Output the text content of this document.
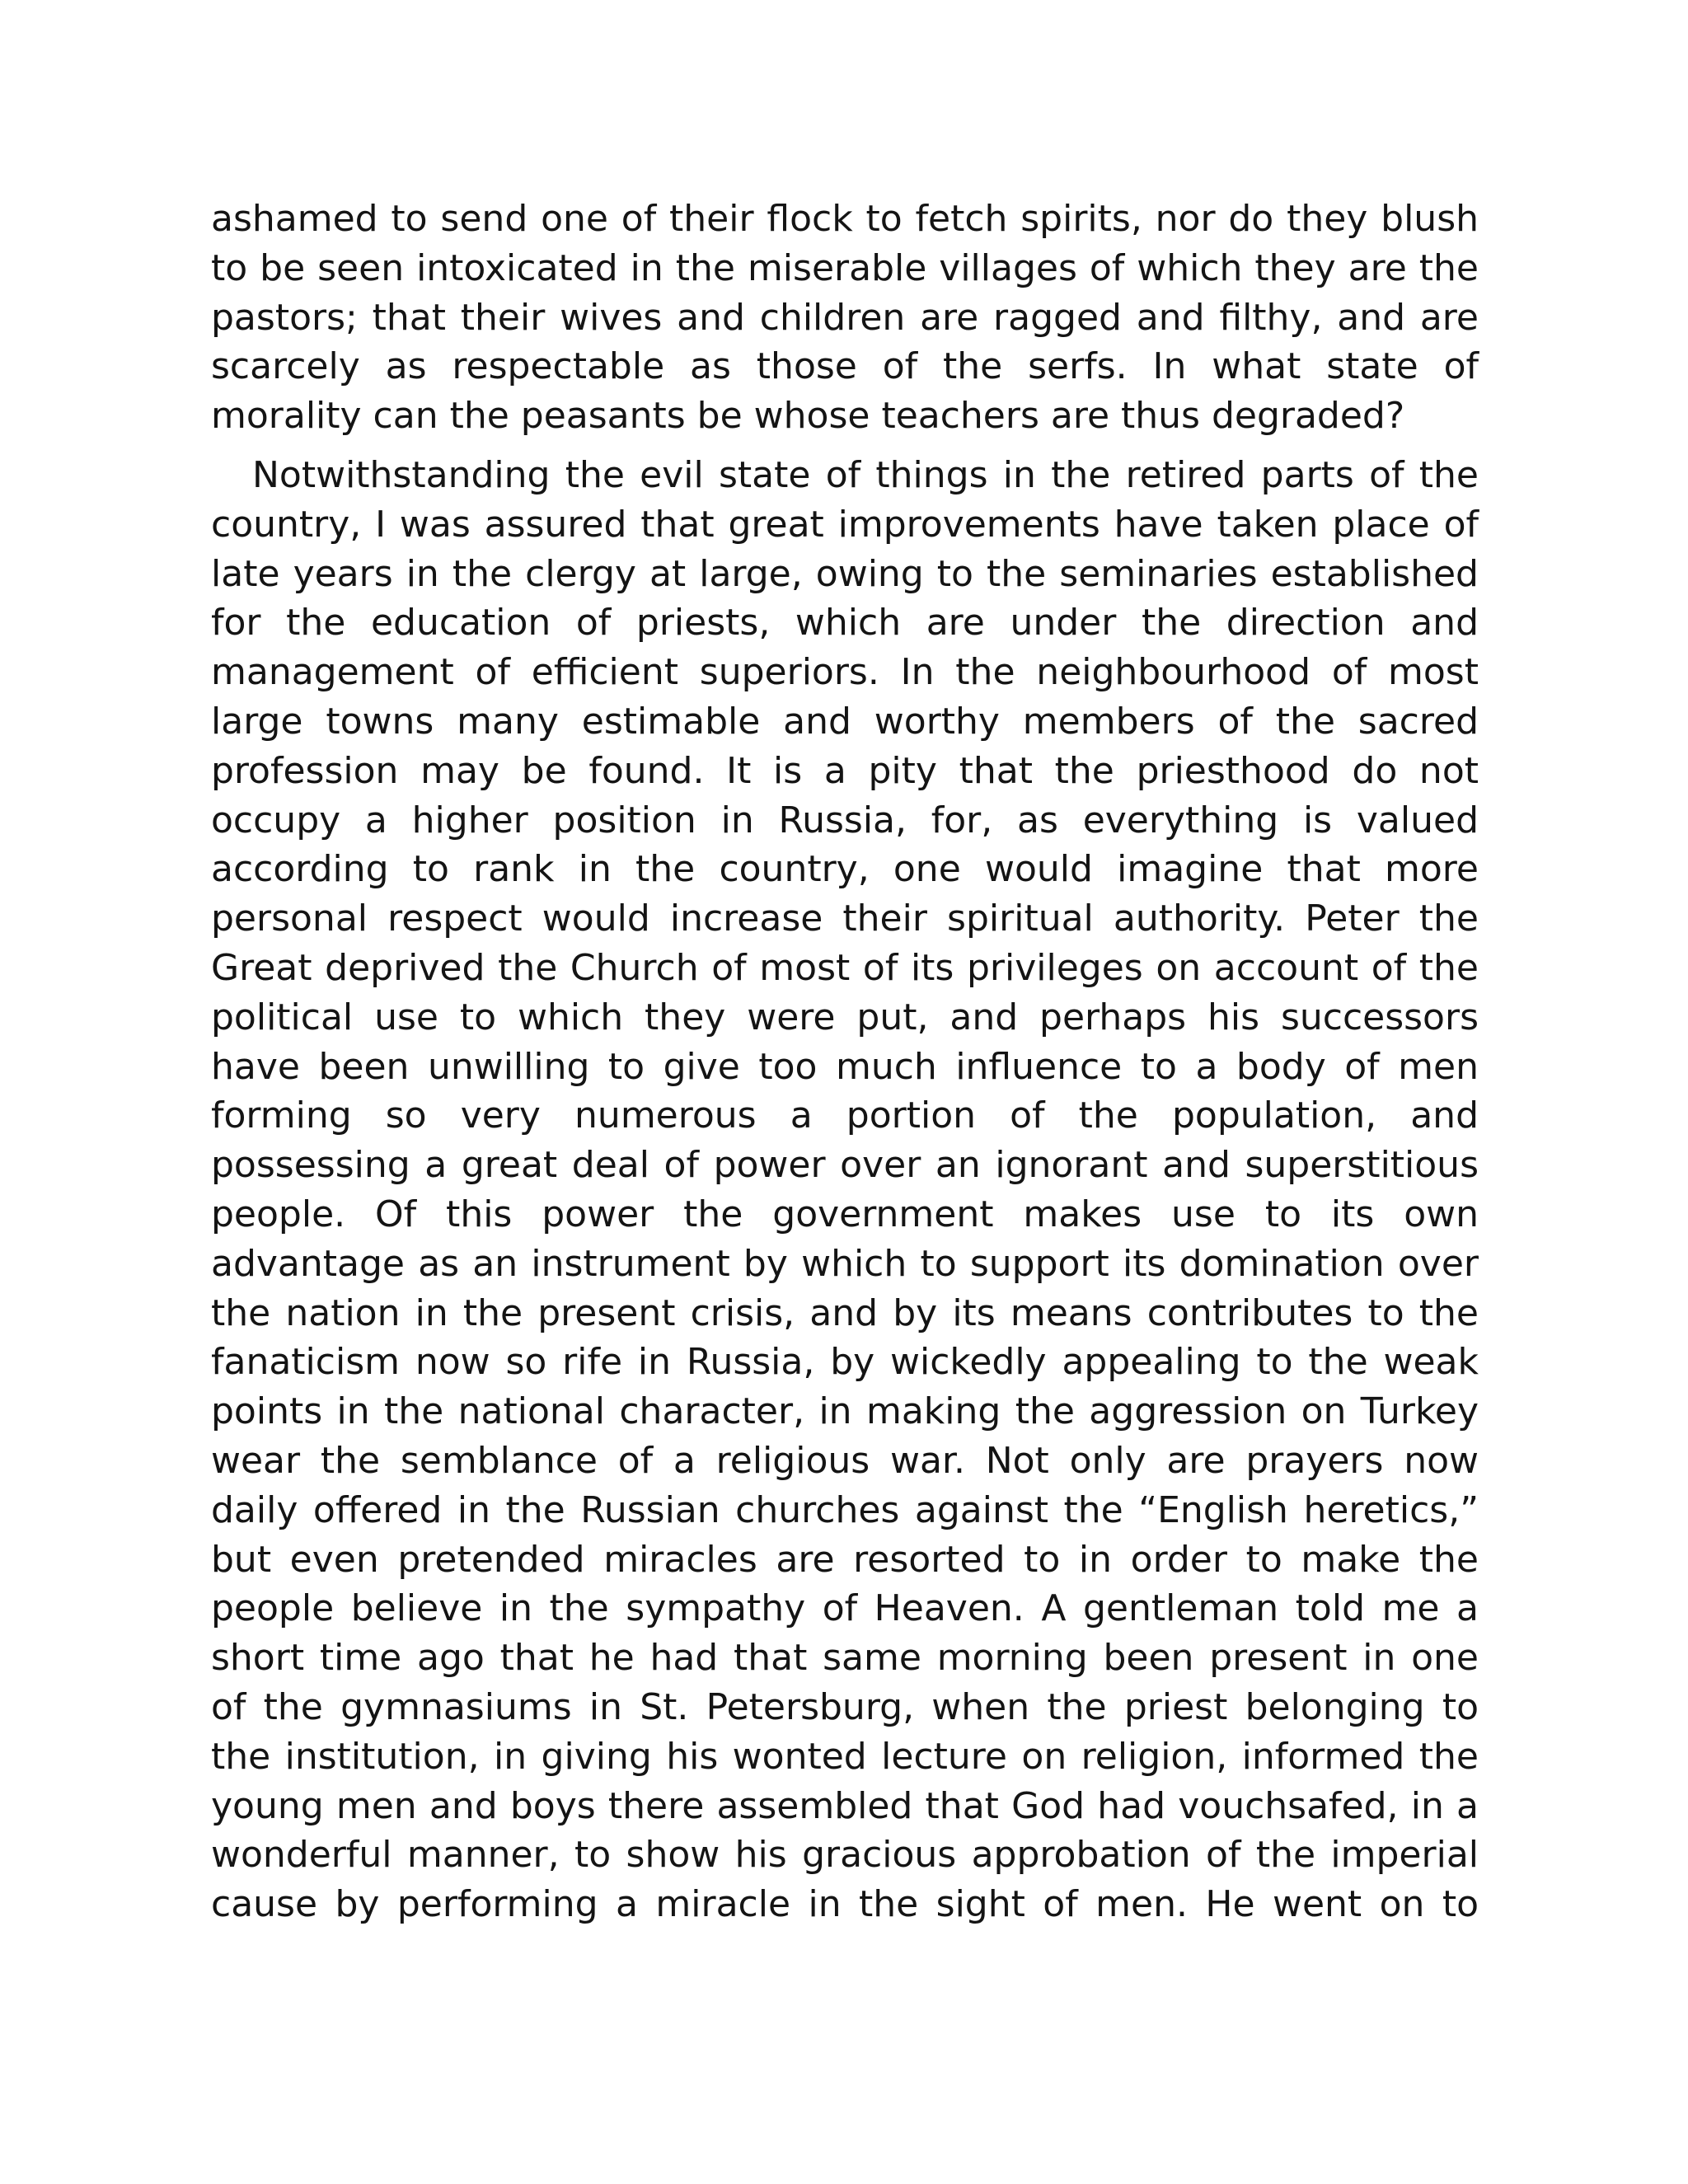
ashamed to send one of their flock to fetch spirits, nor do they blush
to be seen intoxicated in the miserable villages of which they are the
pastors; that their wives and children are ragged and filthy, and are
scarcely as respectable as those of the serfs. In what state of
morality can the peasants be whose teachers are thus degraded?
Notwithstanding the evil state of things in the retired parts of the
country, I was assured that great improvements have taken place of
late years in the clergy at large, owing to the seminaries established
for the education of priests, which are under the direction and
management of efficient superiors. In the neighbourhood of most
large towns many estimable and worthy members of the sacred
profession may be found. It is a pity that the priesthood do not
occupy a higher position in Russia, for, as everything is valued
according to rank in the country, one would imagine that more
personal respect would increase their spiritual authority. Peter the
Great deprived the Church of most of its privileges on account of the
political use to which they were put, and perhaps his successors
have been unwilling to give too much influence to a body of men
forming so very numerous a portion of the population, and
possessing a great deal of power over an ignorant and superstitious
people. Of this power the government makes use to its own
advantage as an instrument by which to support its domination over
the nation in the present crisis, and by its means contributes to the
fanaticism now so rife in Russia, by wickedly appealing to the weak
points in the national character, in making the aggression on Turkey
wear the semblance of a religious war. Not only are prayers now
daily offered in the Russian churches against the “English heretics,”
but even pretended miracles are resorted to in order to make the
people believe in the sympathy of Heaven. A gentleman told me a
short time ago that he had that same morning been present in one
of the gymnasiums in St. Petersburg, when the priest belonging to
the institution, in giving his wonted lecture on religion, informed the
young men and boys there assembled that God had vouchsafed, in a
wonderful manner, to show his gracious approbation of the imperial
cause by performing a miracle in the sight of men. He went on to
